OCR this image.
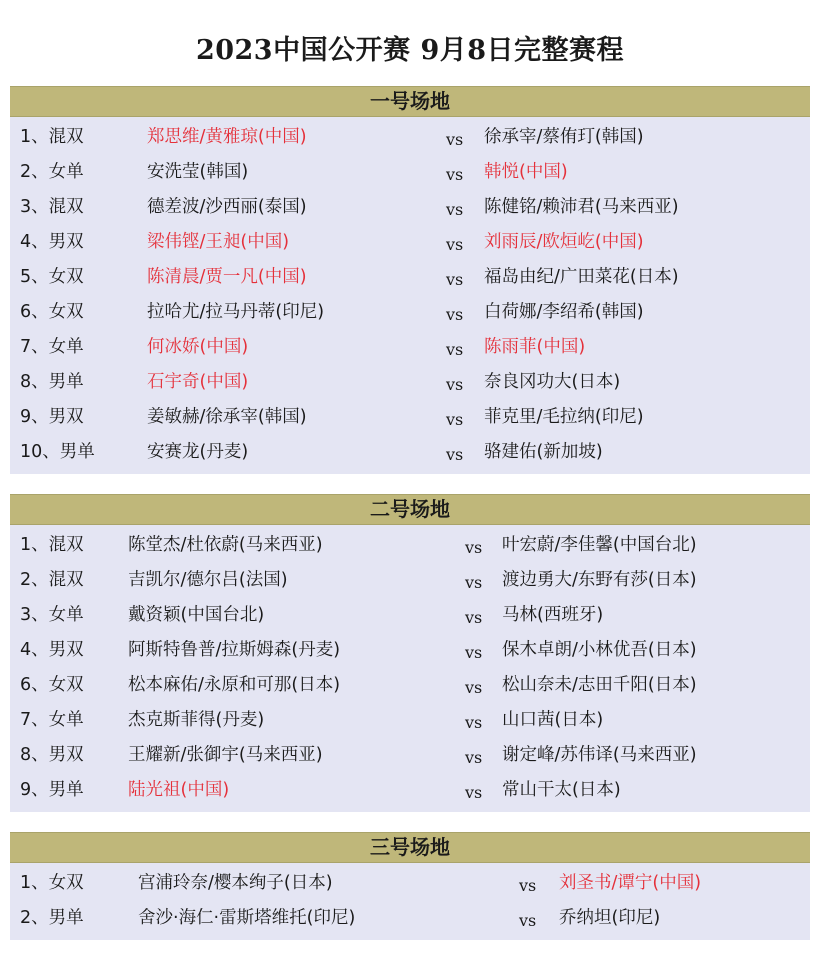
2023中国公开赛 9月8日完整赛程
一号场地
1、混双	郑思维/黄雅琼(中国)	vs 徐承宰/蔡侑玎(韩国)
2、女单	安洗莹(韩国)	vs 韩悦(中国)
3、混双	德差波/沙西丽(泰国)	vs 陈健铭/赖沛君(马来西亚)
4、男双	梁伟铿/王昶(中国)	vs 刘雨辰/欧烜屹(中国)
5、女双	陈清晨/贾一凡(中国)	vs 福岛由纪/广田菜花(日本)
6、女双	拉哈尤/拉马丹蒂(印尼)	vs 白荷娜/李绍希(韩国)
7、女单	何冰娇(中国)	vs 陈雨菲(中国)
8、男单	石宇奇(中国)	vs 奈良冈功大(日本)
9、男双	姜敏赫/徐承宰(韩国)	vs 菲克里/毛拉纳(印尼)
10、男单	安赛龙(丹麦)	vs 骆建佑(新加坡)
二号场地
1、混双	陈堂杰/杜依蔚(马来西亚)	vs 叶宏蔚/李佳馨(中国台北)
2、混双	吉凯尔/德尔吕(法国)	vs 渡边勇大/东野有莎(日本)
3、女单	戴资颖(中国台北)	vs 马林(西班牙)
4、男双	阿斯特鲁普/拉斯姆森(丹麦)	vs 保木卓朗/小林优吾(日本)
6、女双	松本麻佑/永原和可那(日本)	vs 松山奈未/志田千阳(日本)
7、女单	杰克斯菲得(丹麦)	vs 山口茜(日本)
8、男双	王耀新/张御宇(马来西亚)	vs 谢定峰/苏伟译(马来西亚)
9、男单	陆光祖(中国)	vs 常山干太(日本)
三号场地
1、女双	宫浦玲奈/樱本绚子(日本)	vs 刘圣书/谭宁(中国)
2、男单	舍沙·海仁·雷斯塔维托(印尼)	vs 乔纳坦(印尼)
